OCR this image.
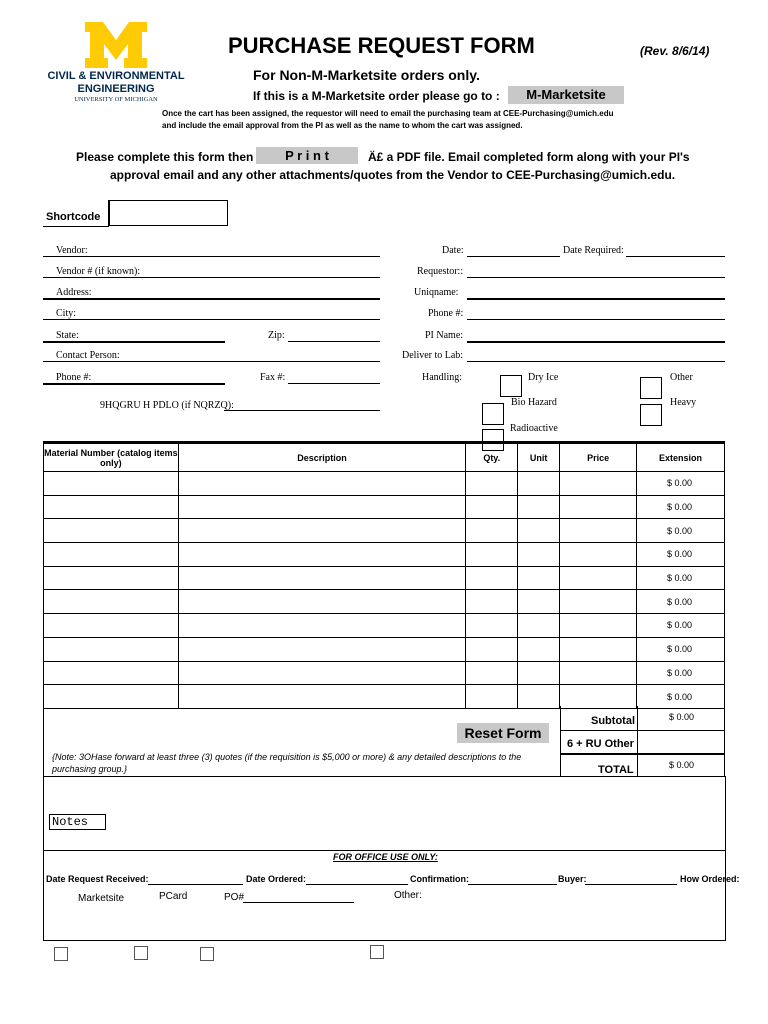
CIVIL & ENVIRONMENTAL
ENGINEERING
UNIVERSITY OF MICHIGAN
PURCHASE REQUEST FORM	(Rev. 8/6/14)
For Non-M-Marketsite orders only.
If this is a M-Marketsite order please go to :	M-Marketsite
Once the cart has been assigned, the requestor will need to email the purchasing team at CEE-Purchasing@umich.edu
and include the email approval from the PI as well as the name to whom the cart was assigned.
Please complete this form then	P r i n t	Ä£ a PDF file. Email completed form along with your PI's
approval email and any other attachments/quotes from the Vendor to CEE-Purchasing@umich.edu.
Shortcode
Vendor:
Vendor # (if known):
Address:
City:
State:	Zip:
Contact Person:
Phone #:	Fax #:
9HQGRU H PDLO (if NQRZQ):
Date:	Date Required:
Requestor::
Uniqname:
Phone #:
PI Name:
Deliver to Lab:
Handling:	Dry Ice	Other
Bio Hazard	Heavy
Radioactive
Material Number (catalog items only)	Description	Qty.	Unit	Price	Extension
					$ 0.00
					$ 0.00
					$ 0.00
					$ 0.00
					$ 0.00
					$ 0.00
					$ 0.00
					$ 0.00
					$ 0.00
					$ 0.00
Reset Form
Subtotal	$ 0.00
6 + RU Other
TOTAL	$ 0.00
{Note: 3OHase forward at least three (3) quotes (if the requisition is $5,000 or more) & any detailed descriptions to the purchasing group.}
Notes
FOR OFFICE USE ONLY:
Date Request Received:	Date Ordered:	Confirmation:	Buyer:	How Ordered:
Marketsite	PCard	PO#	Other:
